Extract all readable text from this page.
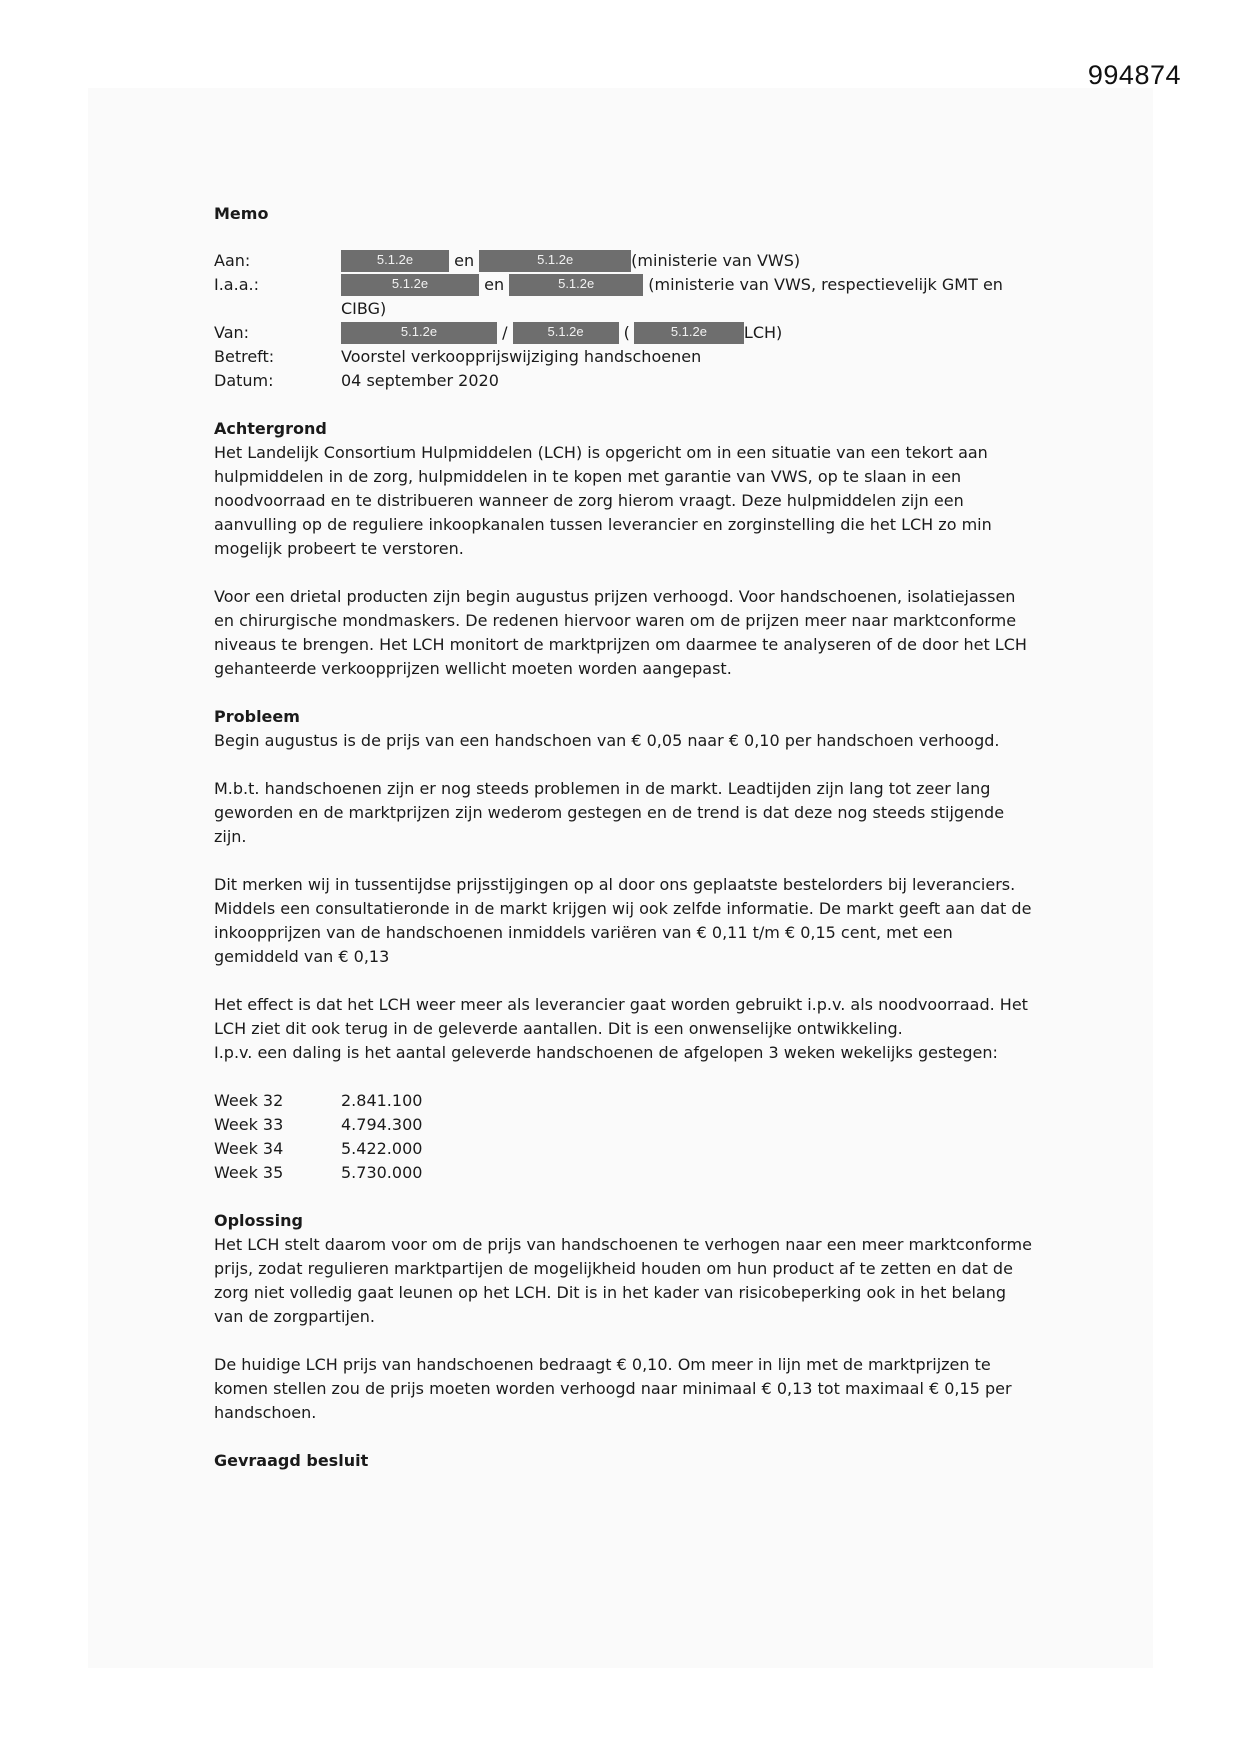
994874
Memo
Aan:	5.1.2e	en	5.1.2e	(ministerie van VWS)
I.a.a.:	5.1.2e	en	5.1.2e	(ministerie van VWS, respectievelijk GMT en
CIBG)
Van:	5.1.2e	/	5.1.2e	(	5.1.2e LCH)
Betreft:	Voorstel verkoopprijswijziging handschoenen
Datum:	04 september 2020
Achtergrond

Het Landelijk Consortium Hulpmiddelen (LCH) is opgericht om in een situatie van een tekort aan hulpmiddelen in de zorg, hulpmiddelen in te kopen met garantie van VWS, op te slaan in een noodvoorraad en te distribueren wanneer de zorg hierom vraagt. Deze hulpmiddelen zijn een aanvulling op de reguliere inkoopkanalen tussen leverancier en zorginstelling die het LCH zo min mogelijk probeert te verstoren.

Voor een drietal producten zijn begin augustus prijzen verhoogd. Voor handschoenen, isolatiejassen en chirurgische mondmaskers. De redenen hiervoor waren om de prijzen meer naar marktconforme niveaus te brengen. Het LCH monitort de marktprijzen om daarmee te analyseren of de door het LCH gehanteerde verkoopprijzen wellicht moeten worden aangepast.

Probleem

Begin augustus is de prijs van een handschoen van € 0,05 naar € 0,10 per handschoen verhoogd.

M.b.t. handschoenen zijn er nog steeds problemen in de markt. Leadtijden zijn lang tot zeer lang geworden en de marktprijzen zijn wederom gestegen en de trend is dat deze nog steeds stijgende zijn.

Dit merken wij in tussentijdse prijsstijgingen op al door ons geplaatste bestelorders bij leveranciers. Middels een consultatieronde in de markt krijgen wij ook zelfde informatie. De markt geeft aan dat de inkoopprijzen van de handschoenen inmiddels variëren van € 0,11 t/m € 0,15 cent, met een gemiddeld van € 0,13

Het effect is dat het LCH weer meer als leverancier gaat worden gebruikt i.p.v. als noodvoorraad. Het LCH ziet dit ook terug in de geleverde aantallen. Dit is een onwenselijke ontwikkeling.
I.p.v. een daling is het aantal geleverde handschoenen de afgelopen 3 weken wekelijks gestegen:

Week 32	2.841.100
Week 33	4.794.300
Week 34	5.422.000
Week 35	5.730.000
Oplossing

Het LCH stelt daarom voor om de prijs van handschoenen te verhogen naar een meer marktconforme prijs, zodat regulieren marktpartijen de mogelijkheid houden om hun product af te zetten en dat de zorg niet volledig gaat leunen op het LCH. Dit is in het kader van risicobeperking ook in het belang van de zorgpartijen.

De huidige LCH prijs van handschoenen bedraagt € 0,10. Om meer in lijn met de marktprijzen te komen stellen zou de prijs moeten worden verhoogd naar minimaal € 0,13 tot maximaal € 0,15 per handschoen.

Gevraagd besluit
